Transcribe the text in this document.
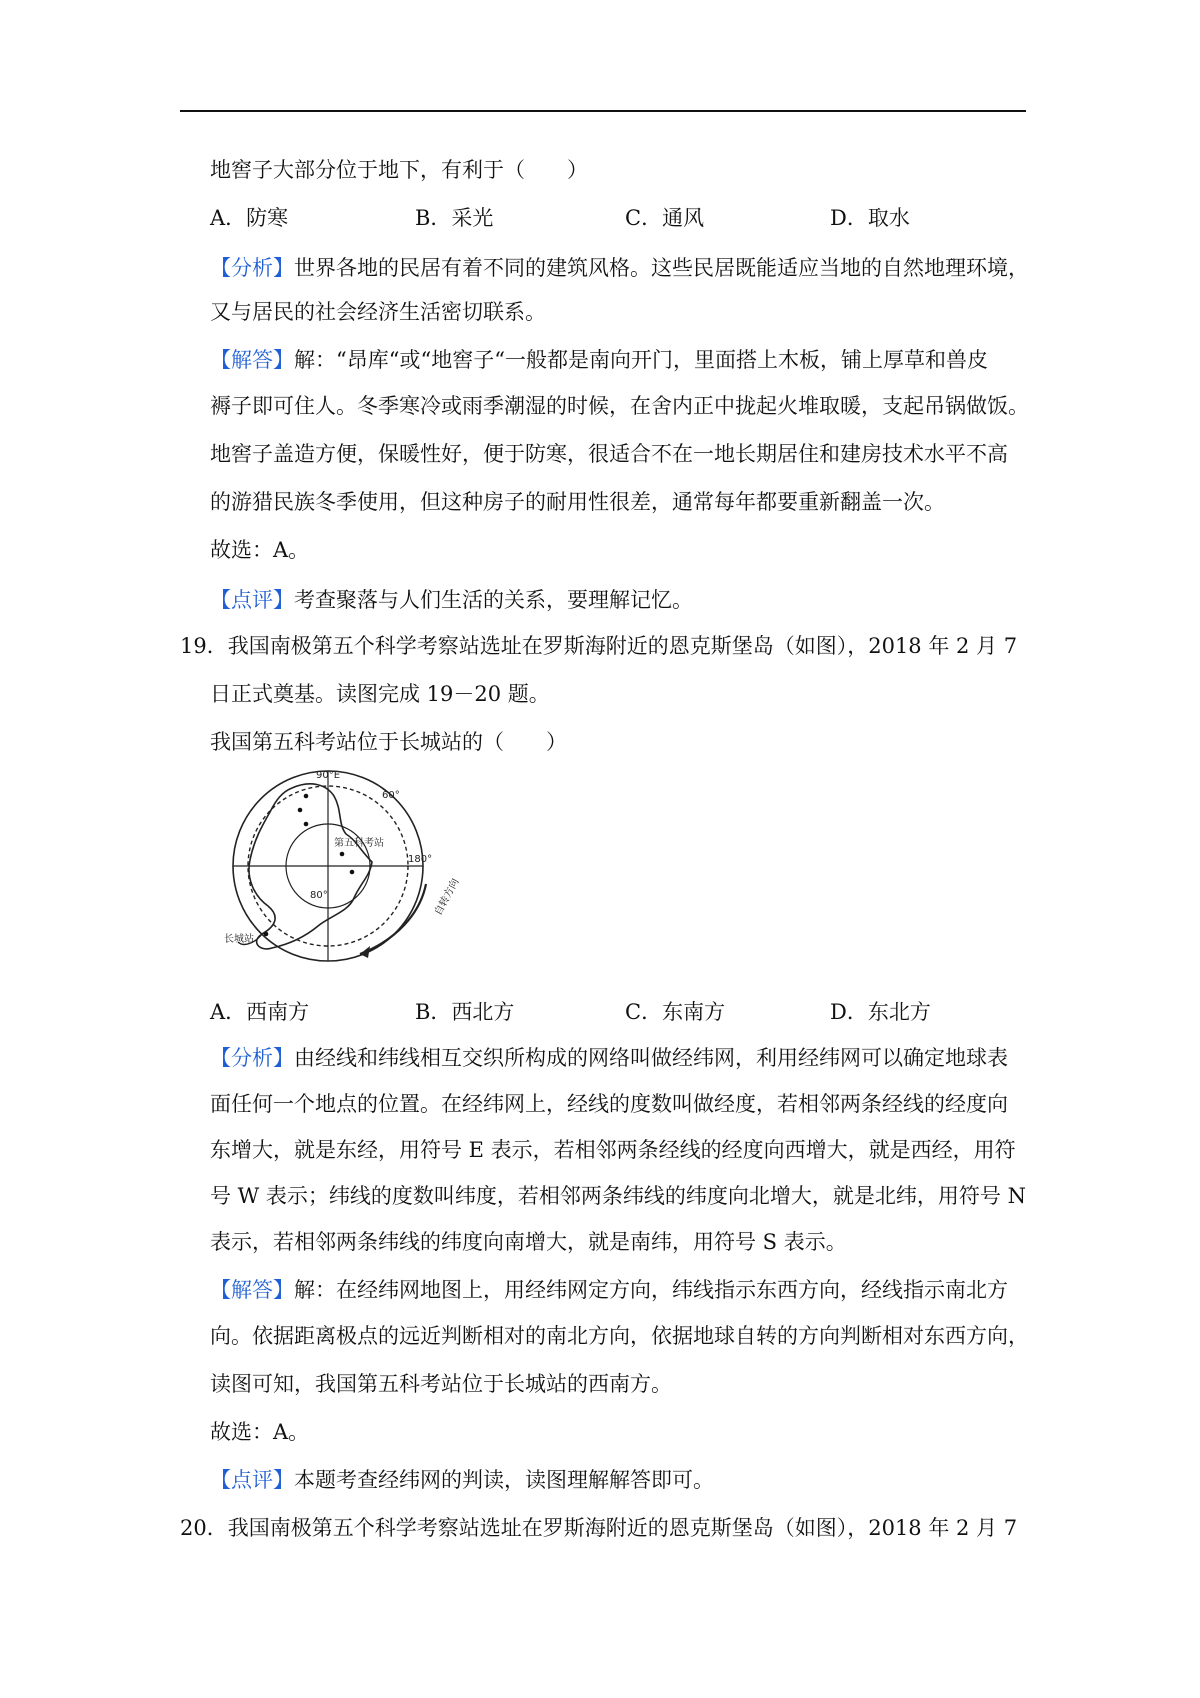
地窖子大部分位于地下，有利于（　　）
A．防寒	B．采光	C．通风	D．取水
【分析】世界各地的民居有着不同的建筑风格。这些民居既能适应当地的自然地理环境，
又与居民的社会经济生活密切联系。
【解答】解：“昂库“或“地窖子“一般都是南向开门，里面搭上木板，铺上厚草和兽皮
褥子即可住人。冬季寒冷或雨季潮湿的时候，在舍内正中拢起火堆取暖，支起吊锅做饭。
地窖子盖造方便，保暖性好，便于防寒，很适合不在一地长期居住和建房技术水平不高
的游猎民族冬季使用，但这种房子的耐用性很差，通常每年都要重新翻盖一次。
故选：A。
【点评】考查聚落与人们生活的关系，要理解记忆。
19．我国南极第五个科学考察站选址在罗斯海附近的恩克斯堡岛（如图），2018 年 2 月 7
日正式奠基。读图完成 19－20 题。
我国第五科考站位于长城站的（　　）
90°E
60°
180°
80°
第五科考站
长城站
自转方向
A．西南方	B．西北方	C．东南方	D．东北方
【分析】由经线和纬线相互交织所构成的网络叫做经纬网，利用经纬网可以确定地球表
面任何一个地点的位置。在经纬网上，经线的度数叫做经度，若相邻两条经线的经度向
东增大，就是东经，用符号 E 表示，若相邻两条经线的经度向西增大，就是西经，用符
号 W 表示；纬线的度数叫纬度，若相邻两条纬线的纬度向北增大，就是北纬，用符号 N
表示，若相邻两条纬线的纬度向南增大，就是南纬，用符号 S 表示。
【解答】解：在经纬网地图上，用经纬网定方向，纬线指示东西方向，经线指示南北方
向。依据距离极点的远近判断相对的南北方向，依据地球自转的方向判断相对东西方向，
读图可知，我国第五科考站位于长城站的西南方。
故选：A。
【点评】本题考查经纬网的判读，读图理解解答即可。
20．我国南极第五个科学考察站选址在罗斯海附近的恩克斯堡岛（如图），2018 年 2 月 7
